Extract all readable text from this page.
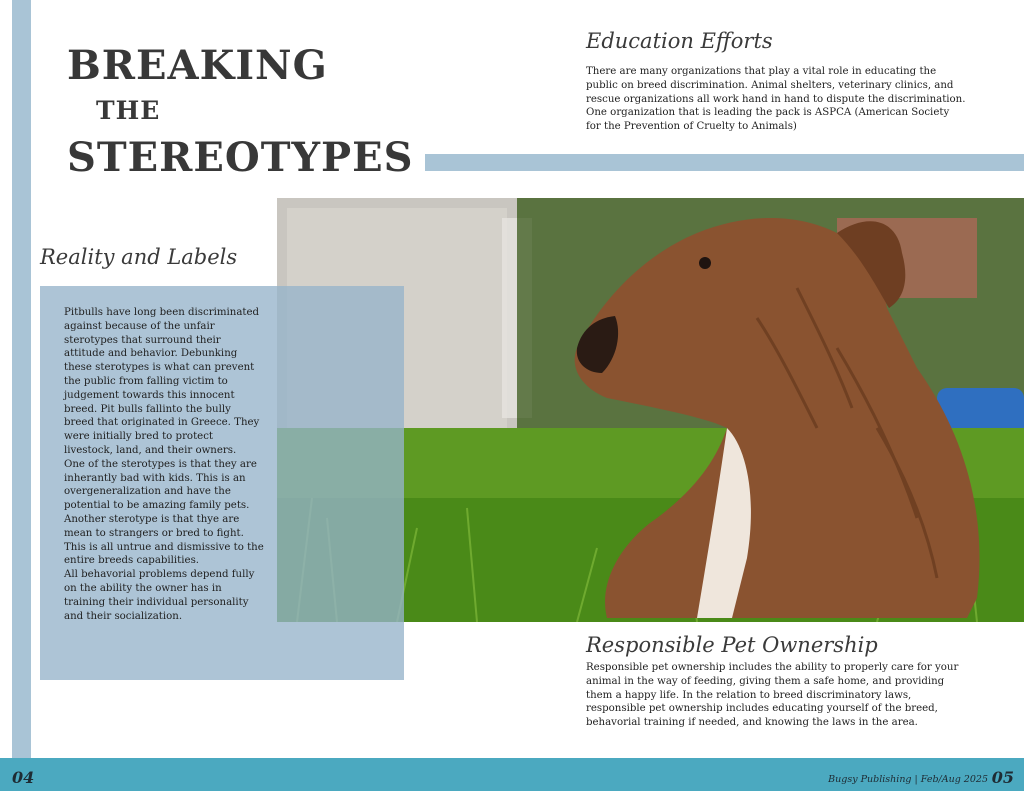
BREAKING
THE
STEREOTYPES
Education Efforts

There are many organizations that play a vital role in educating the public on breed discrimination. Animal shelters, veterinary clinics, and rescue organizations all work hand in hand to dispute the discrimination. One organization that is leading the pack is ASPCA (American Society for the Prevention of Cruelty to Animals)

Reality and Labels

Pitbulls have long been discriminated against because of the unfair sterotypes that surround their attitude and behavior. Debunking these sterotypes is what can prevent the public from falling victim to judgement towards this innocent breed. Pit bulls fallinto the bully breed that originated in Greece. They were initially bred to protect livestock, land, and their owners.

One of the sterotypes is that they are inherantly bad with kids. This is an overgeneralization and have the potential to be amazing family pets. Another sterotype is that thye are mean to strangers or bred to fight. This is all untrue and dismissive to the entire breeds capabilities.

All behavorial problems depend fully on the ability the owner has in training their individual personality and their socialization.

Responsible Pet Ownership

Responsible pet ownership includes the ability to properly care for your animal in the way of feeding, giving them a safe home, and providing them a happy life. In the relation to breed discriminatory laws, responsible pet ownership includes educating yourself of the breed, behavorial training if needed, and knowing the laws in the area.

04	Bugsy Publishing | Feb/Aug 2025 05
